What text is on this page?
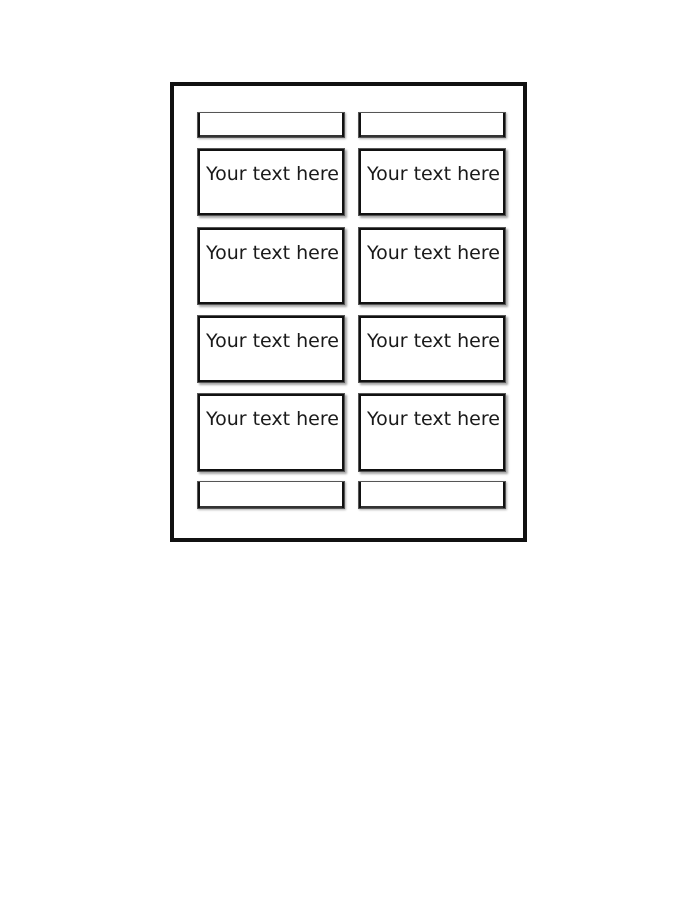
Your text here Your text here
Your text here Your text here
Your text here Your text here
Your text here Your text here
